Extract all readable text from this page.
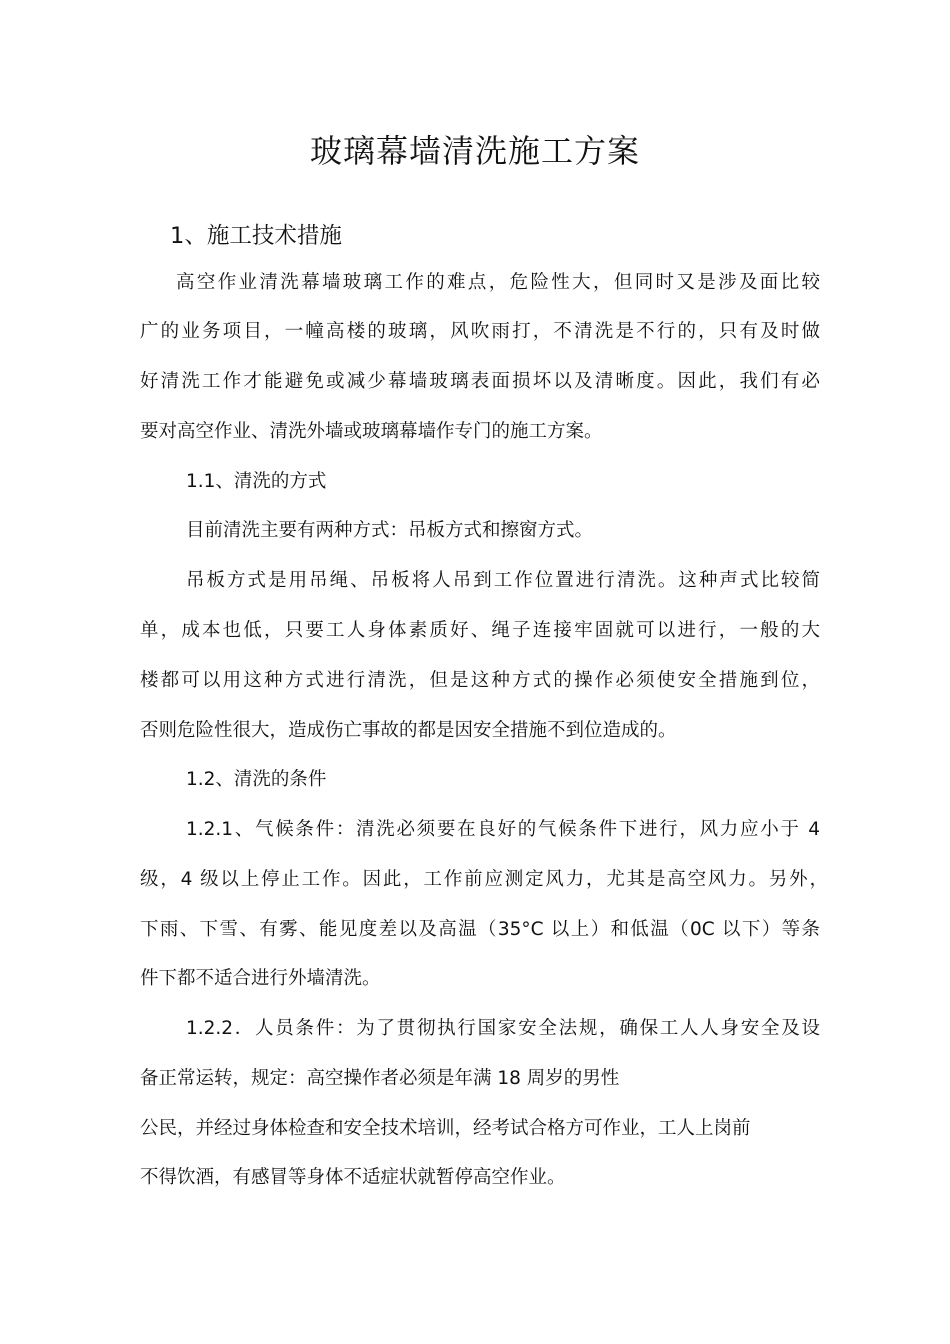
玻璃幕墙清洗施工方案
1、施工技术措施
高空作业清洗幕墙玻璃工作的难点，危险性大，但同时又是涉及面比较
广的业务项目，一幢高楼的玻璃，风吹雨打，不清洗是不行的，只有及时做
好清洗工作才能避免或减少幕墙玻璃表面损坏以及清晰度。因此，我们有必
要对高空作业、清洗外墙或玻璃幕墙作专门的施工方案。
1.1、清洗的方式
目前清洗主要有两种方式：吊板方式和擦窗方式。
吊板方式是用吊绳、吊板将人吊到工作位置进行清洗。这种声式比较简
单，成本也低，只要工人身体素质好、绳子连接牢固就可以进行，一般的大
楼都可以用这种方式进行清洗，但是这种方式的操作必须使安全措施到位，
否则危险性很大，造成伤亡事故的都是因安全措施不到位造成的。
1.2、清洗的条件
1.2.1、气候条件：清洗必须要在良好的气候条件下进行，风力应小于 4
级，4 级以上停止工作。因此，工作前应测定风力，尤其是高空风力。另外，
下雨、下雪、有雾、能见度差以及高温（35°C 以上）和低温（0C 以下）等条
件下都不适合进行外墙清洗。
1.2.2．人员条件：为了贯彻执行国家安全法规，确保工人人身安全及设
备正常运转，规定：高空操作者必须是年满 18 周岁的男性
公民，并经过身体检查和安全技术培训，经考试合格方可作业，工人上岗前
不得饮酒，有感冒等身体不适症状就暂停高空作业。
